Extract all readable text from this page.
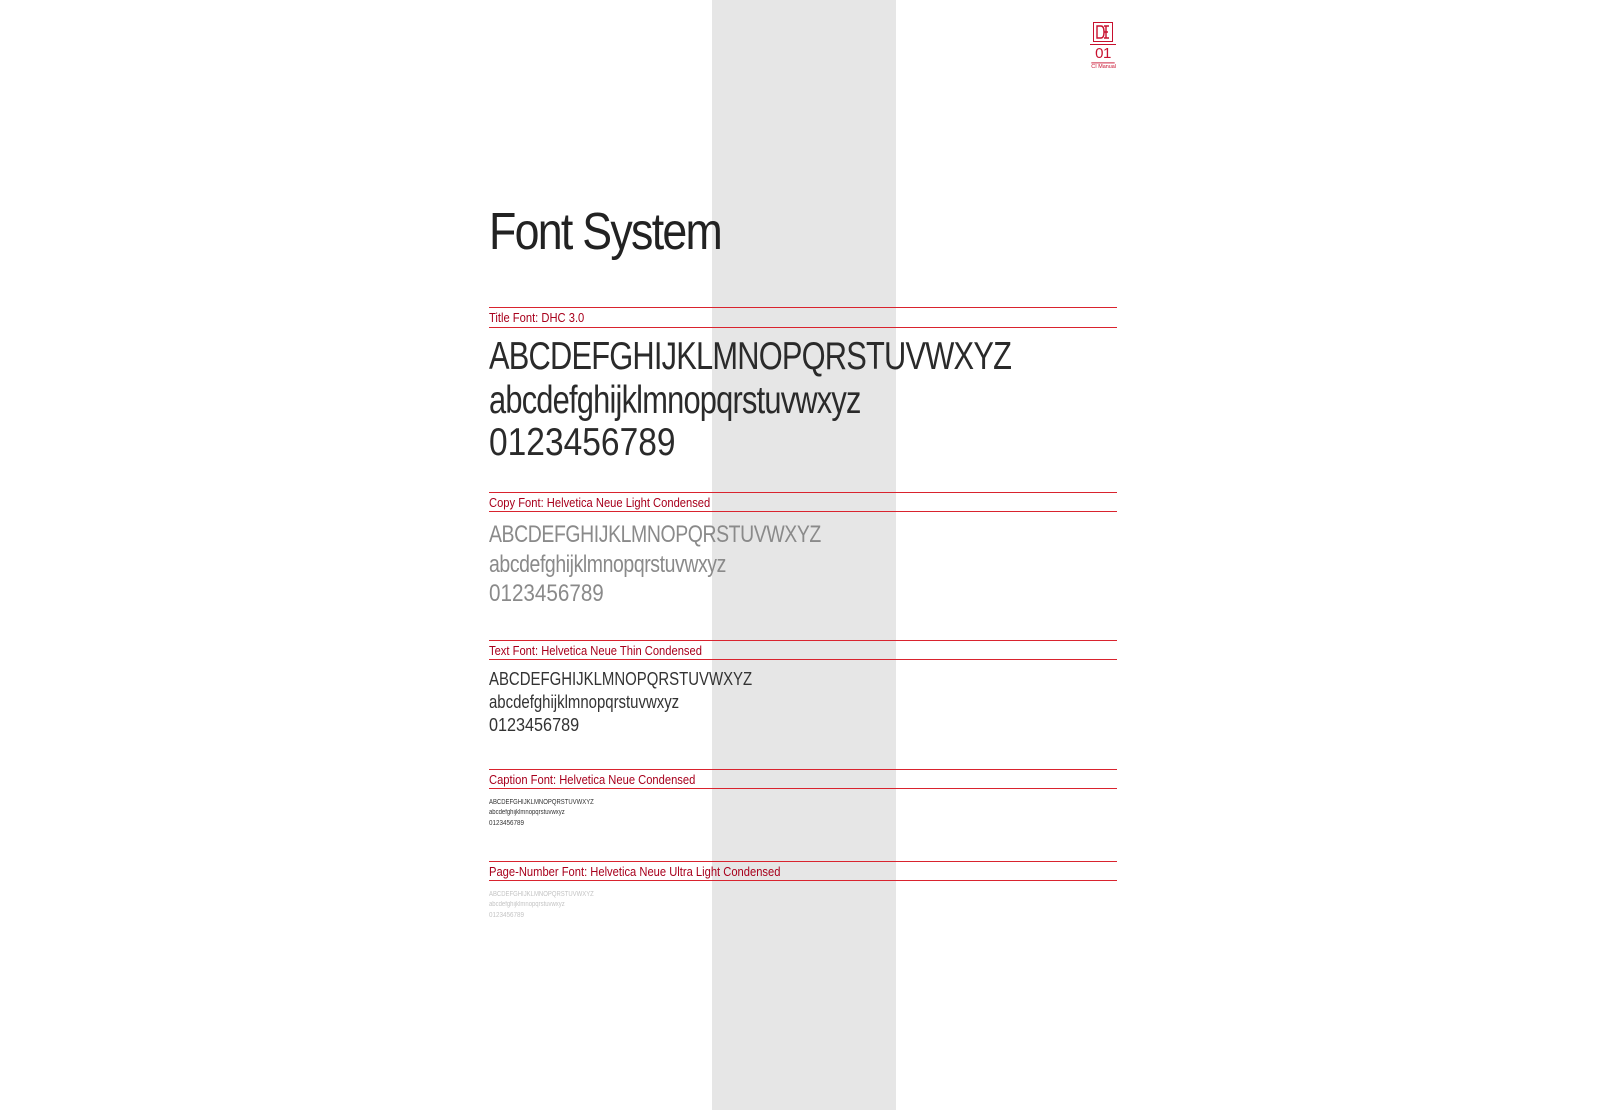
01
CI Manual
Font System
Title Font: DHC 3.0

ABCDEFGHIJKLMNOPQRSTUVWXYZ

abcdefghijklmnopqrstuvwxyz

0123456789

Copy Font: Helvetica Neue Light Condensed

ABCDEFGHIJKLMNOPQRSTUVWXYZ

abcdefghijklmnopqrstuvwxyz

0123456789

Text Font: Helvetica Neue Thin Condensed

ABCDEFGHIJKLMNOPQRSTUVWXYZ

abcdefghijklmnopqrstuvwxyz

0123456789

Caption Font: Helvetica Neue Condensed

ABCDEFGHIJKLMNOPQRSTUVWXYZ

abcdefghijklmnopqrstuvwxyz

0123456789

Page-Number Font: Helvetica Neue Ultra Light Condensed

ABCDEFGHIJKLMNOPQRSTUVWXYZ

abcdefghijklmnopqrstuvwxyz

0123456789
